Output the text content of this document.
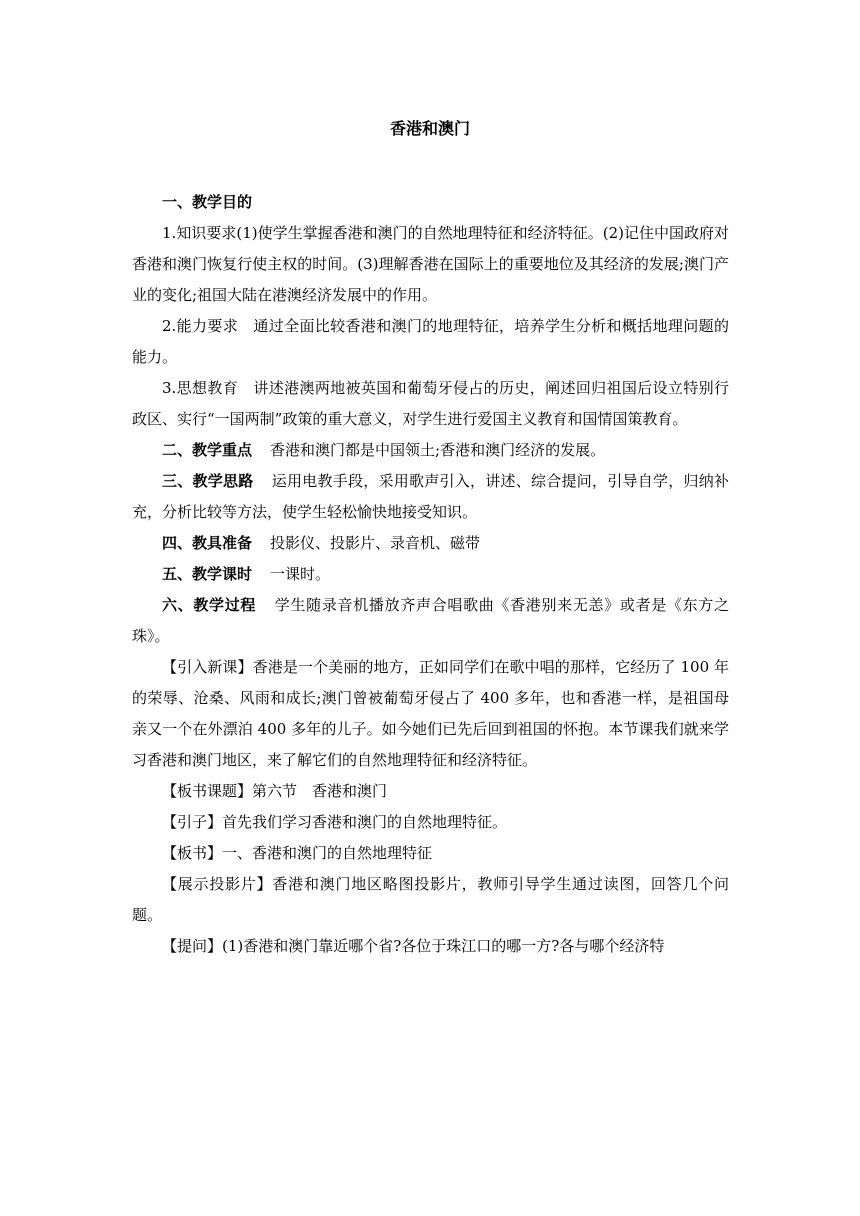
香港和澳门

一、教学目的

1.知识要求(1)使学生掌握香港和澳门的自然地理特征和经济特征。(2)记住中国政府对香港和澳门恢复行使主权的时间。(3)理解香港在国际上的重要地位及其经济的发展;澳门产业的变化;祖国大陆在港澳经济发展中的作用。

2.能力要求　通过全面比较香港和澳门的地理特征，培养学生分析和概括地理问题的能力。

3.思想教育　讲述港澳两地被英国和葡萄牙侵占的历史，阐述回归祖国后设立特别行政区、实行“一国两制”政策的重大意义，对学生进行爱国主义教育和国情国策教育。

二、教学重点 香港和澳门都是中国领土;香港和澳门经济的发展。

三、教学思路 运用电教手段，采用歌声引入，讲述、综合提问，引导自学，归纳补充，分析比较等方法，使学生轻松愉快地接受知识。

四、教具准备 投影仪、投影片、录音机、磁带

五、教学课时 一课时。

六、教学过程 学生随录音机播放齐声合唱歌曲《香港别来无恙》或者是《东方之珠》。

【引入新课】香港是一个美丽的地方，正如同学们在歌中唱的那样，它经历了 100 年的荣辱、沧桑、风雨和成长;澳门曾被葡萄牙侵占了 400 多年，也和香港一样，是祖国母亲又一个在外漂泊 400 多年的儿子。如今她们已先后回到祖国的怀抱。本节课我们就来学习香港和澳门地区，来了解它们的自然地理特征和经济特征。

【板书课题】第六节　香港和澳门

【引子】首先我们学习香港和澳门的自然地理特征。

【板书】一、香港和澳门的自然地理特征

【展示投影片】香港和澳门地区略图投影片，教师引导学生通过读图，回答几个问题。

【提问】(1)香港和澳门靠近哪个省?各位于珠江口的哪一方?各与哪个经济特
